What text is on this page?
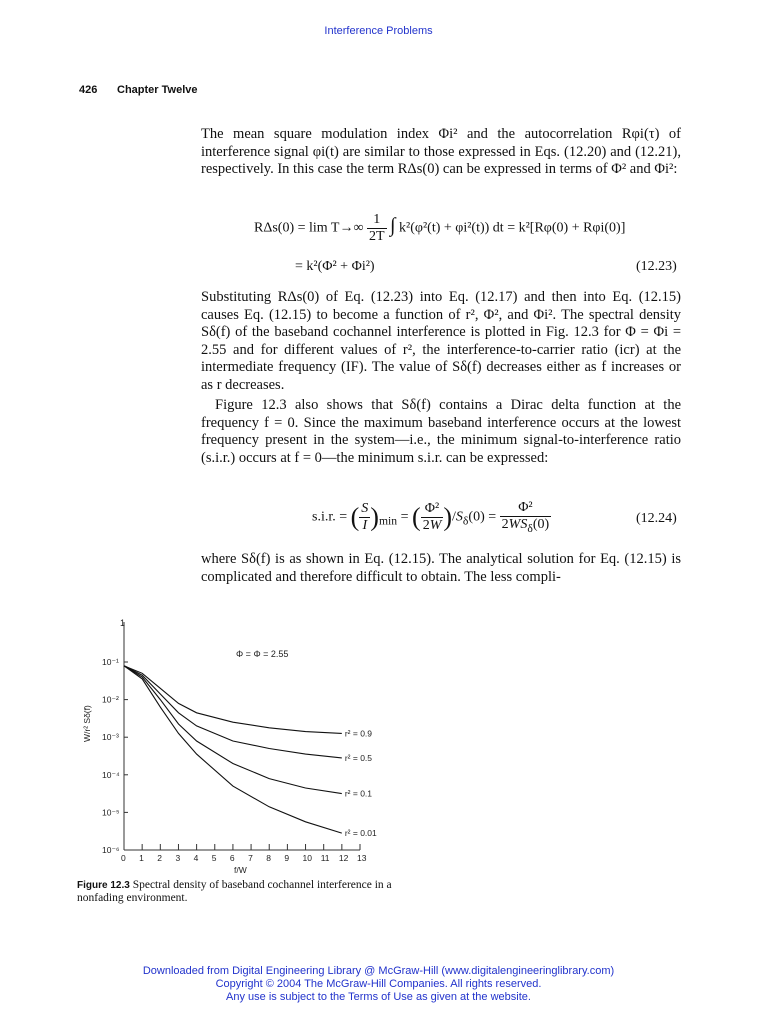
Interference Problems
426 Chapter Twelve

The mean square modulation index Φi² and the autocorrelation Rφi(τ) of interference signal φi(t) are similar to those expressed in Eqs. (12.20) and (12.21), respectively. In this case the term RΔs(0) can be expressed in terms of Φ² and Φi²:

$R\Delta s(0) = \lim T\to\infty \frac{1}{2T}$ ∫ k²(φ²(t) + φi²(t)) dt = k²[Rφ(0) + Rφi(0)]
= k²(Φ² + Φi²)	(12.23)

Substituting RΔs(0) of Eq. (12.23) into Eq. (12.17) and then into Eq. (12.15) causes Eq. (12.15) to become a function of r², Φ², and Φi². The spectral density Sδ(f) of the baseband cochannel interference is plotted in Fig. 12.3 for Φ = Φi = 2.55 and for different values of r², the interference-to-carrier ratio (icr) at the intermediate frequency (IF). The value of Sδ(f) decreases either as f increases or as r decreases.

Figure 12.3 also shows that Sδ(f) contains a Dirac delta function at the frequency f = 0. Since the maximum baseband interference occurs at the lowest frequency present in the system—i.e., the minimum signal-to-interference ratio (s.i.r.) occurs at f = 0—the minimum s.i.r. can be expressed:

s.i.r. = ( $\frac{S}{I} )_{min}$ = ( $\frac{\text{Φ²}}{2W} )/S_\delta(0) = \frac{\text{Φ²}}{2WS_\delta(0)}$	(12.24)

where Sδ(f) is as shown in Eq. (12.15). The analytical solution for Eq. (12.15) is complicated and therefore difficult to obtain. The less compli-

1
Φ = Φ = 2.55
10⁻¹
10⁻²
10⁻³
10⁻⁴
10⁻⁵
10⁻⁶
0 1 2 3 4 5 6 7 8 9 10 11 12 13
f/W
W/r² Sδ(f)	r² = 0.9
r² = 0.5
r² = 0.1
r² = 0.01
Figure 12.3 Spectral density of baseband cochannel interference in a nonfading environment.
Downloaded from Digital Engineering Library @ McGraw-Hill (www.digitalengineeringlibrary.com)
Copyright © 2004 The McGraw-Hill Companies. All rights reserved.
Any use is subject to the Terms of Use as given at the website.
